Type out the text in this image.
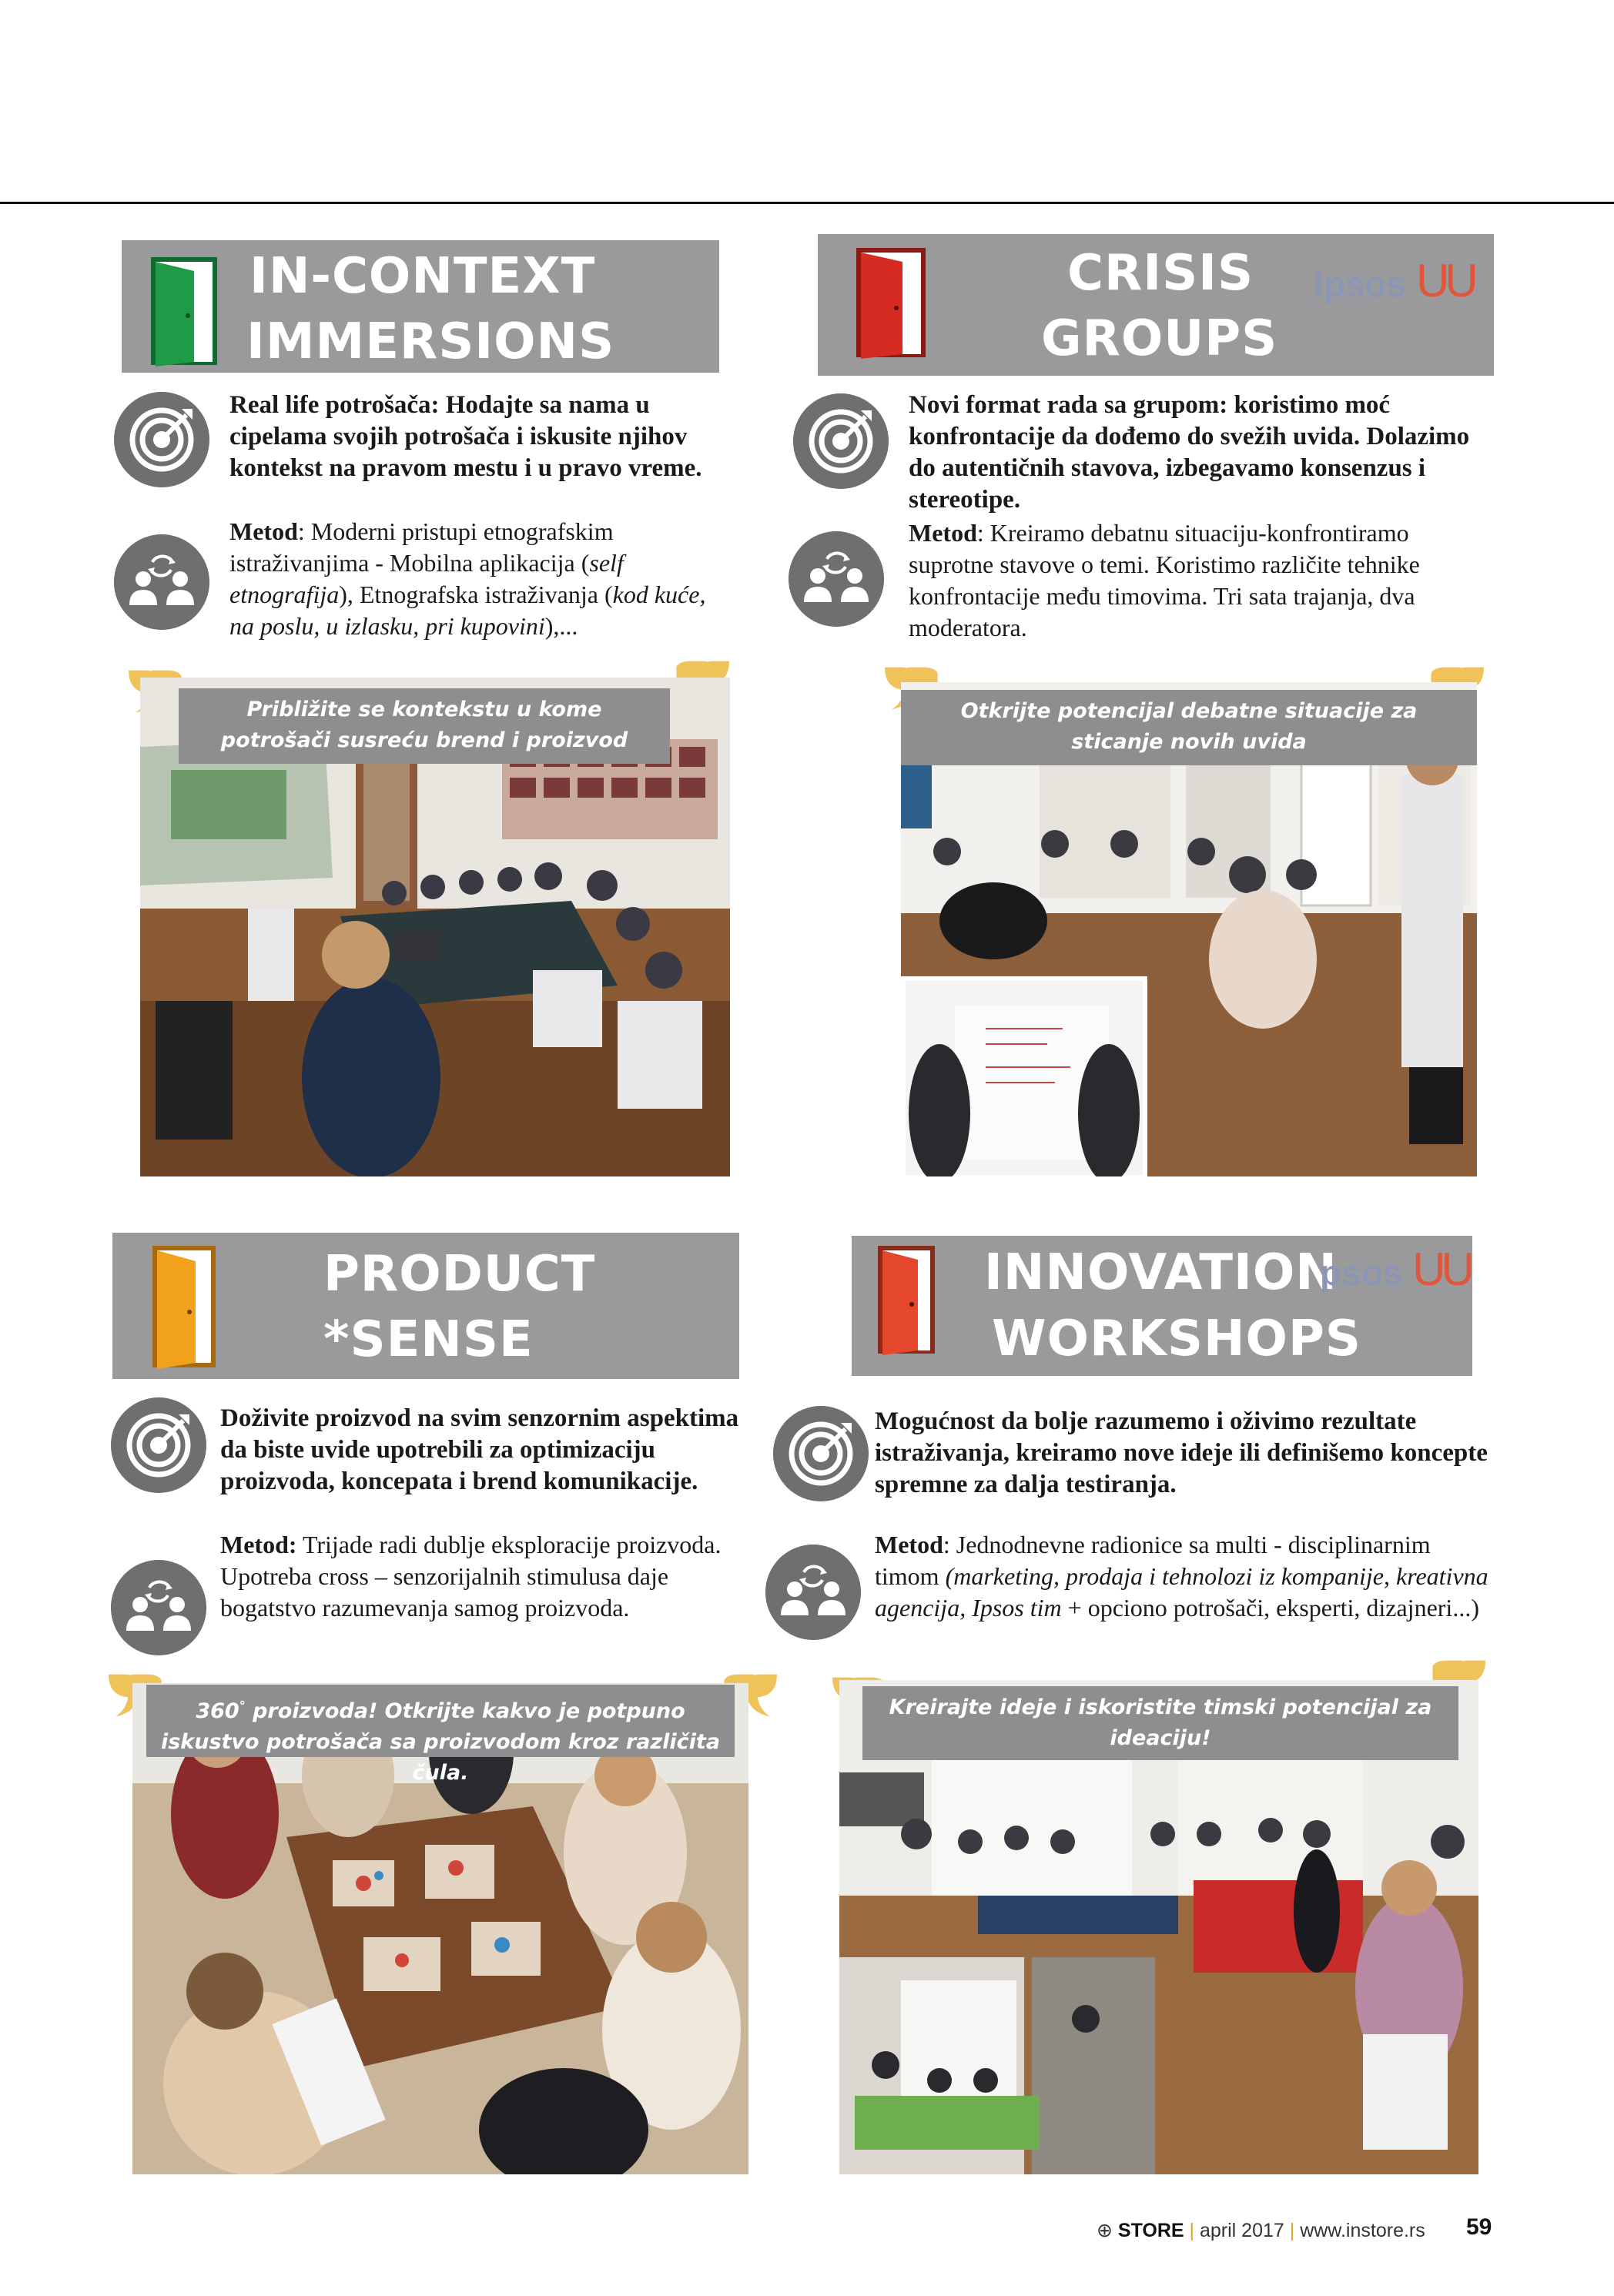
IN-CONTEXT
IMMERSIONS
Real life potrošača: Hodajte sa nama u cipelama svojih potrošača i iskusite njihov kontekst na pravom mestu i u pravo vreme.
Metod: Moderni pristupi etnografskim istraživanjima - Mobilna aplikacija (self etnografija), Etnografska istraživanja (kod kuće, na poslu, u izlasku, pri kupovini),...
Približite se kontekstu u kome potrošači susreću brend i proizvod
CRISIS
GROUPS
Ipsos UU
Novi format rada sa grupom: koristimo moć konfrontacije da dođemo do svežih uvida. Dolazimo do autentičnih stavova, izbegavamo konsenzus i stereotipe.
Metod: Kreiramo debatnu situaciju-konfrontiramo suprotne stavove o temi. Koristimo različite tehnike konfrontacije među timovima. Tri sata trajanja, dva moderatora.
Otkrijte potencijal debatne situacije za sticanje novih uvida
PRODUCT
*SENSE
Doživite proizvod na svim senzornim aspektima da biste uvide upotrebili za optimizaciju proizvoda, koncepata i brend komunikacije.
Metod: Trijade radi dublje eksploracije proizvoda. Upotreba cross – senzorijalnih stimulusa daje bogatstvo razumevanja samog proizvoda.
360° proizvoda! Otkrijte kakvo je potpuno iskustvo potrošača sa proizvodom kroz različita čula.
INNOVATION
WORKSHOPS
psos UU
Mogućnost da bolje razumemo i oživimo rezultate istraživanja, kreiramo nove ideje ili definišemo koncepte spremne za dalja testiranja.
Metod: Jednodnevne radionice sa multi - disciplinarnim timom (marketing, prodaja i tehnolozi iz kompanije, kreativna agencija, Ipsos tim + opciono potrošači, eksperti, dizajneri...)
Kreirajte ideje i iskoristite timski potencijal za ideaciju!
⊕ STORE | april 2017 | www.instore.rs 59
